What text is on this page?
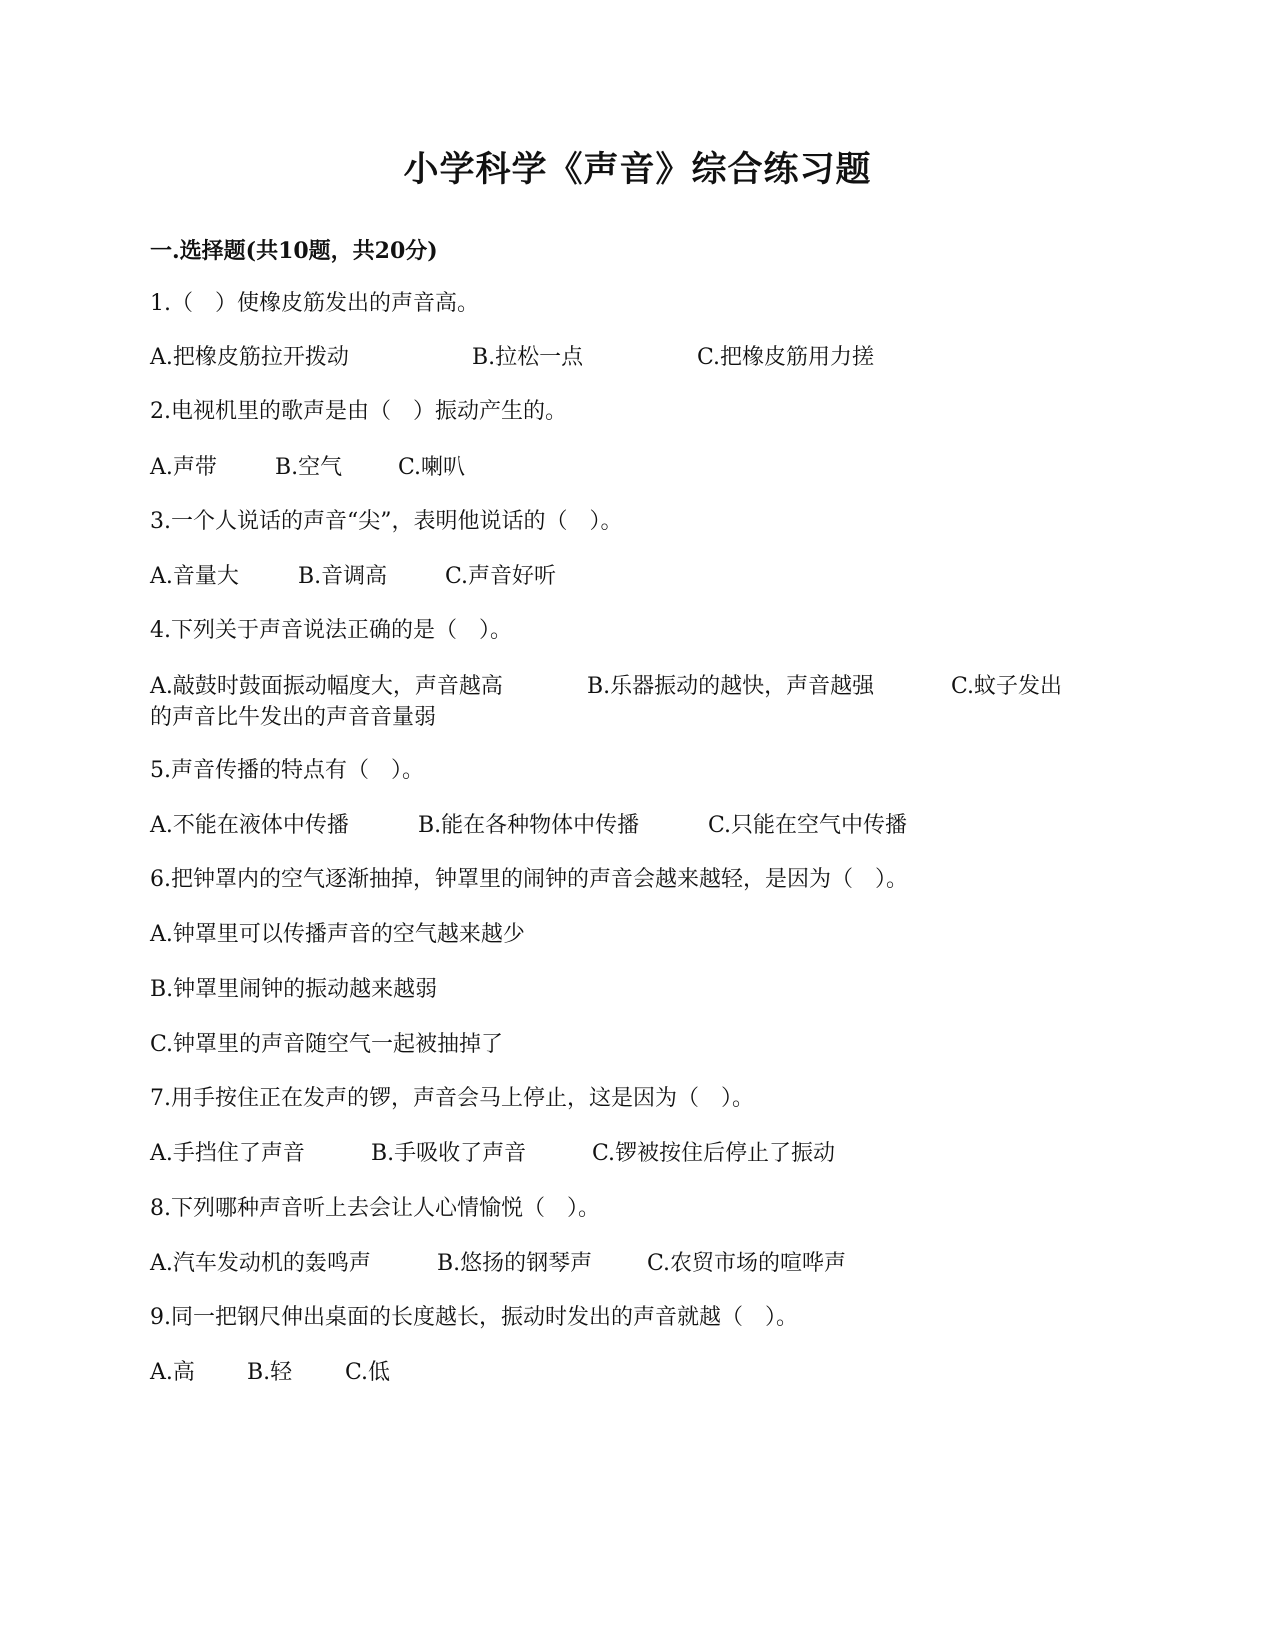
小学科学《声音》综合练习题
一.选择题(共10题，共20分)
1.（　）使橡皮筋发出的声音高。
A.把橡皮筋拉开拨动	B.拉松一点	C.把橡皮筋用力搓
2.电视机里的歌声是由（　）振动产生的。
A.声带	B.空气	C.喇叭
3.一个人说话的声音“尖”，表明他说话的（　）。
A.音量大	B.音调高	C.声音好听
4.下列关于声音说法正确的是（　）。
A.敲鼓时鼓面振动幅度大，声音越高	B.乐器振动的越快，声音越强	C.蚊子发出
的声音比牛发出的声音音量弱
5.声音传播的特点有（　）。
A.不能在液体中传播	B.能在各种物体中传播	C.只能在空气中传播
6.把钟罩内的空气逐渐抽掉，钟罩里的闹钟的声音会越来越轻，是因为（　）。
A.钟罩里可以传播声音的空气越来越少
B.钟罩里闹钟的振动越来越弱
C.钟罩里的声音随空气一起被抽掉了
7.用手按住正在发声的锣，声音会马上停止，这是因为（　）。
A.手挡住了声音	B.手吸收了声音	C.锣被按住后停止了振动
8.下列哪种声音听上去会让人心情愉悦（　）。
A.汽车发动机的轰鸣声	B.悠扬的钢琴声 C.农贸市场的喧哗声
9.同一把钢尺伸出桌面的长度越长，振动时发出的声音就越（　）。
A.高 B.轻 C.低
